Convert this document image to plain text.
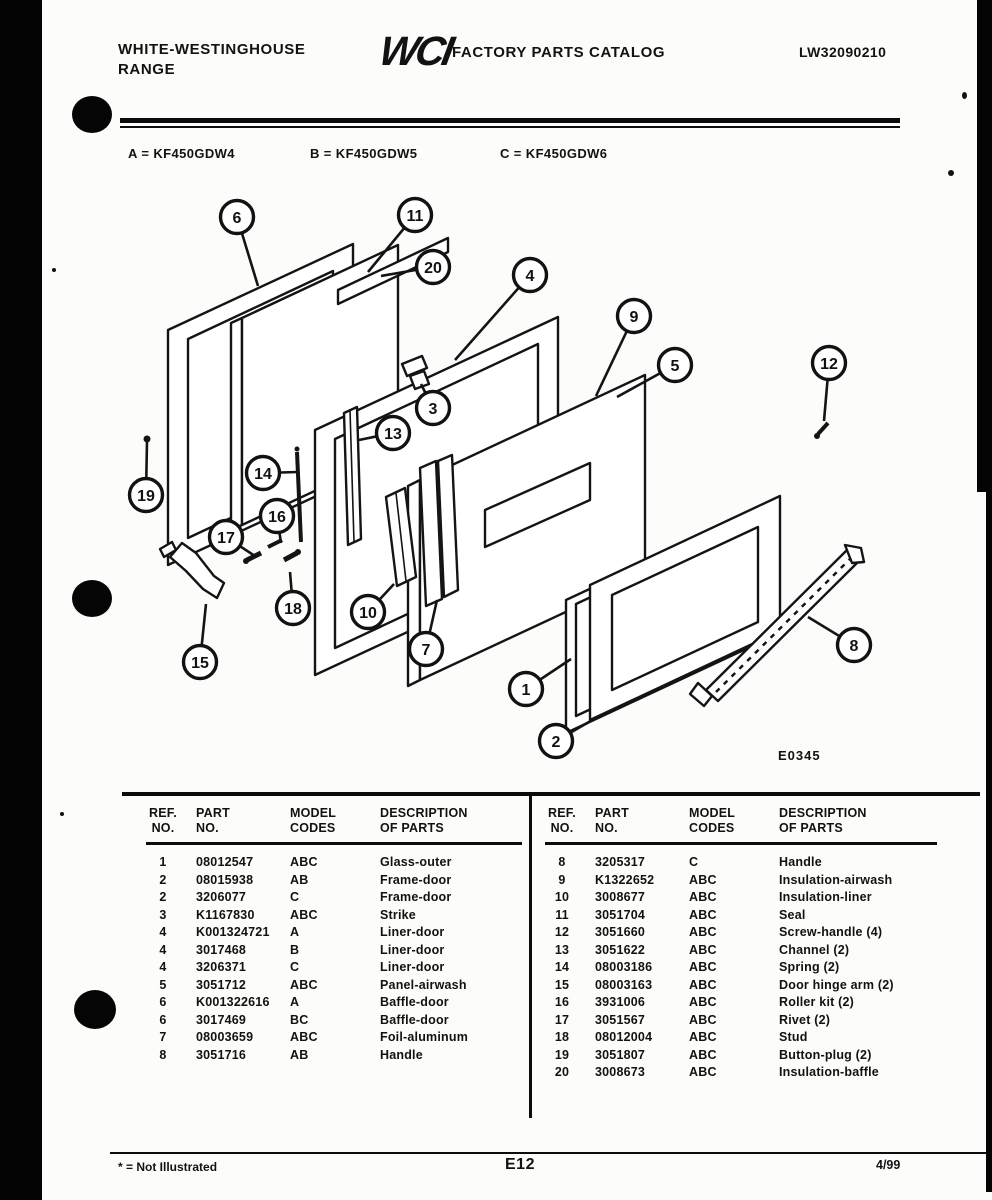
WHITE-WESTINGHOUSE
RANGE	WCI
FACTORY PARTS CATALOG	LW32090210
A = KF450GDW4	B = KF450GDW5	C = KF450GDW6
6	11
20	4
9
5	12
3
13
14
19
16
17
18	10
15
7
1
2
8
E0345
REF.
NO.
PART
NO.
MODEL
CODES
DESCRIPTION
OF PARTS
1	08012547	ABC	Glass-outer
2	08015938	AB	Frame-door
2	3206077	C	Frame-door
3	K1167830	ABC	Strike
4	K001324721	A	Liner-door
4	3017468	B	Liner-door
4	3206371	C	Liner-door
5	3051712	ABC	Panel-airwash
6	K001322616	A	Baffle-door
6	3017469	BC	Baffle-door
7	08003659	ABC	Foil-aluminum
8	3051716	AB	Handle
REF.
NO.
PART
NO.
MODEL
CODES
DESCRIPTION
OF PARTS
8	3205317	C	Handle
9	K1322652	ABC	Insulation-airwash
10	3008677	ABC	Insulation-liner
11	3051704	ABC	Seal
12	3051660	ABC	Screw-handle (4)
13	3051622	ABC	Channel (2)
14	08003186	ABC	Spring (2)
15	08003163	ABC	Door hinge arm (2)
16	3931006	ABC	Roller kit (2)
17	3051567	ABC	Rivet (2)
18	08012004	ABC	Stud
19	3051807	ABC	Button-plug (2)
20	3008673	ABC	Insulation-baffle
* = Not Illustrated	E12	4/99
